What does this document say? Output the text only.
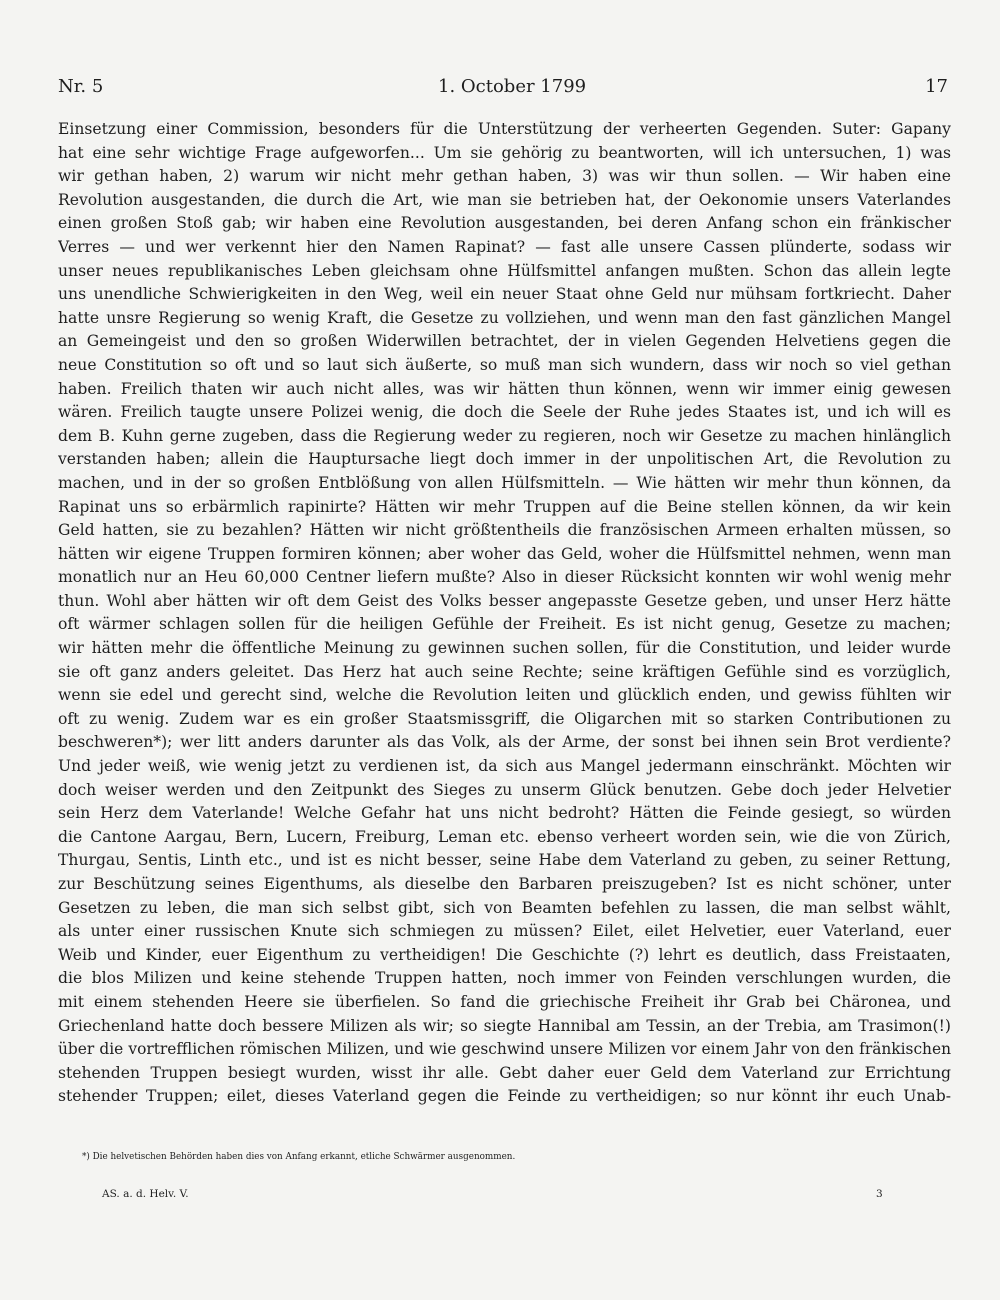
Nr. 5	1. October 1799	17
Einsetzung einer Commission, besonders für die Unterstützung der verheerten Gegenden. Suter: Gapany
hat eine sehr wichtige Frage aufgeworfen... Um sie gehörig zu beantworten, will ich untersuchen, 1) was
wir gethan haben, 2) warum wir nicht mehr gethan haben, 3) was wir thun sollen. — Wir haben eine
Revolution ausgestanden, die durch die Art, wie man sie betrieben hat, der Oekonomie unsers Vaterlandes
einen großen Stoß gab; wir haben eine Revolution ausgestanden, bei deren Anfang schon ein fränkischer
Verres — und wer verkennt hier den Namen Rapinat? — fast alle unsere Cassen plünderte, sodass wir
unser neues republikanisches Leben gleichsam ohne Hülfsmittel anfangen mußten. Schon das allein legte
uns unendliche Schwierigkeiten in den Weg, weil ein neuer Staat ohne Geld nur mühsam fortkriecht. Daher
hatte unsre Regierung so wenig Kraft, die Gesetze zu vollziehen, und wenn man den fast gänzlichen Mangel
an Gemeingeist und den so großen Widerwillen betrachtet, der in vielen Gegenden Helvetiens gegen die
neue Constitution so oft und so laut sich äußerte, so muß man sich wundern, dass wir noch so viel gethan
haben. Freilich thaten wir auch nicht alles, was wir hätten thun können, wenn wir immer einig gewesen
wären. Freilich taugte unsere Polizei wenig, die doch die Seele der Ruhe jedes Staates ist, und ich will es
dem B. Kuhn gerne zugeben, dass die Regierung weder zu regieren, noch wir Gesetze zu machen hinlänglich
verstanden haben; allein die Hauptursache liegt doch immer in der unpolitischen Art, die Revolution zu
machen, und in der so großen Entblößung von allen Hülfsmitteln. — Wie hätten wir mehr thun können, da
Rapinat uns so erbärmlich rapinirte? Hätten wir mehr Truppen auf die Beine stellen können, da wir kein
Geld hatten, sie zu bezahlen? Hätten wir nicht größtentheils die französischen Armeen erhalten müssen, so
hätten wir eigene Truppen formiren können; aber woher das Geld, woher die Hülfsmittel nehmen, wenn man
monatlich nur an Heu 60,000 Centner liefern mußte? Also in dieser Rücksicht konnten wir wohl wenig mehr
thun. Wohl aber hätten wir oft dem Geist des Volks besser angepasste Gesetze geben, und unser Herz hätte
oft wärmer schlagen sollen für die heiligen Gefühle der Freiheit. Es ist nicht genug, Gesetze zu machen;
wir hätten mehr die öffentliche Meinung zu gewinnen suchen sollen, für die Constitution, und leider wurde
sie oft ganz anders geleitet. Das Herz hat auch seine Rechte; seine kräftigen Gefühle sind es vorzüglich,
wenn sie edel und gerecht sind, welche die Revolution leiten und glücklich enden, und gewiss fühlten wir
oft zu wenig. Zudem war es ein großer Staatsmissgriff, die Oligarchen mit so starken Contributionen zu
beschweren*); wer litt anders darunter als das Volk, als der Arme, der sonst bei ihnen sein Brot verdiente?
Und jeder weiß, wie wenig jetzt zu verdienen ist, da sich aus Mangel jedermann einschränkt. Möchten wir
doch weiser werden und den Zeitpunkt des Sieges zu unserm Glück benutzen. Gebe doch jeder Helvetier
sein Herz dem Vaterlande! Welche Gefahr hat uns nicht bedroht? Hätten die Feinde gesiegt, so würden
die Cantone Aargau, Bern, Lucern, Freiburg, Leman etc. ebenso verheert worden sein, wie die von Zürich,
Thurgau, Sentis, Linth etc., und ist es nicht besser, seine Habe dem Vaterland zu geben, zu seiner Rettung,
zur Beschützung seines Eigenthums, als dieselbe den Barbaren preiszugeben? Ist es nicht schöner, unter
Gesetzen zu leben, die man sich selbst gibt, sich von Beamten befehlen zu lassen, die man selbst wählt,
als unter einer russischen Knute sich schmiegen zu müssen? Eilet, eilet Helvetier, euer Vaterland, euer
Weib und Kinder, euer Eigenthum zu vertheidigen! Die Geschichte (?) lehrt es deutlich, dass Freistaaten,
die blos Milizen und keine stehende Truppen hatten, noch immer von Feinden verschlungen wurden, die
mit einem stehenden Heere sie überfielen. So fand die griechische Freiheit ihr Grab bei Chäronea, und
Griechenland hatte doch bessere Milizen als wir; so siegte Hannibal am Tessin, an der Trebia, am Trasimon(!)
über die vortrefflichen römischen Milizen, und wie geschwind unsere Milizen vor einem Jahr von den fränkischen
stehenden Truppen besiegt wurden, wisst ihr alle. Gebt daher euer Geld dem Vaterland zur Errichtung
stehender Truppen; eilet, dieses Vaterland gegen die Feinde zu vertheidigen; so nur könnt ihr euch Unab-
*) Die helvetischen Behörden haben dies von Anfang erkannt, etliche Schwärmer ausgenommen.
AS. a. d. Helv. V.	3
